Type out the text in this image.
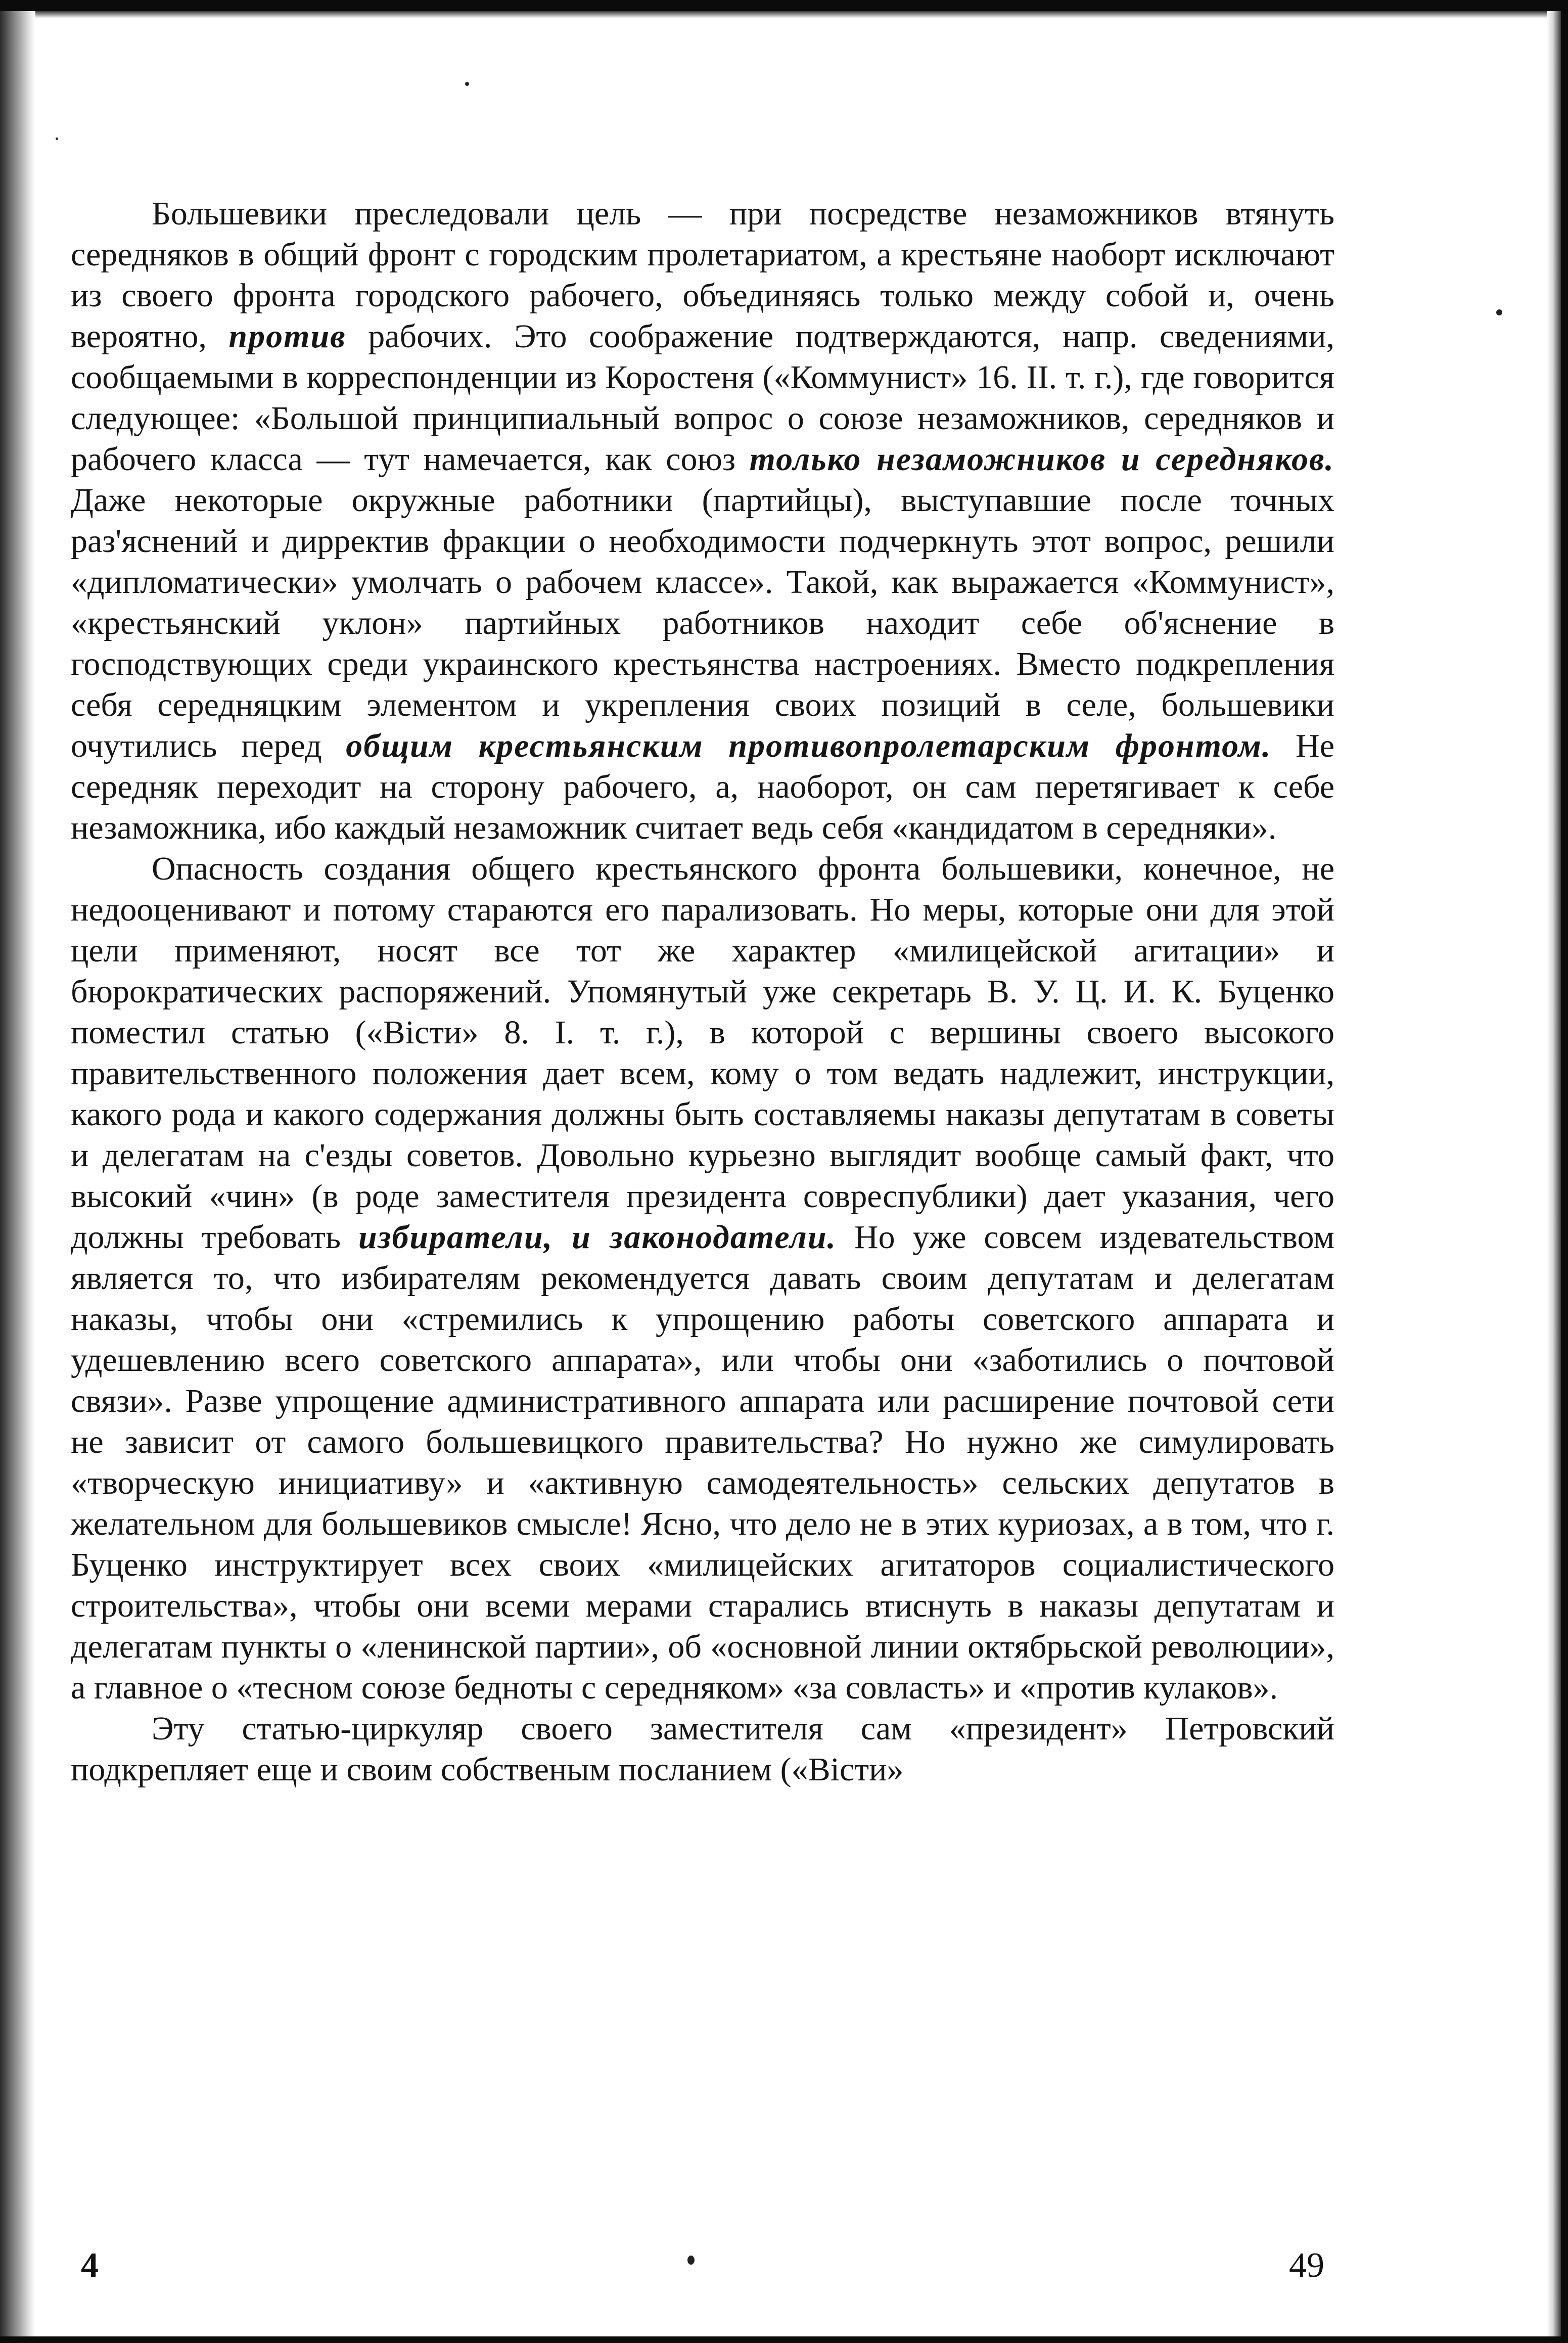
Большевики преследовали цель — при посредстве незаможников втянуть середняков в общий фронт с городским пролетариатом, а крестьяне наоборт исключают из своего фронта городского рабочего, объединяясь только между собой и, очень вероятно, против рабочих. Это соображение подтверждаются, напр. сведениями, сообщаемыми в корреспонденции из Коростеня («Коммунист» 16. II. т. г.), где говорится следующее: «Большой принципиальный вопрос о союзе незаможников, середняков и рабочего класса — тут намечается, как союз только незаможников и середняков. Даже некоторые окружные работники (партийцы), выступавшие после точных раз'яснений и дирректив фракции о необходимости подчеркнуть этот вопрос, решили «дипломатически» умолчать о рабочем классе». Такой, как выражается «Коммунист», «крестьянский уклон» партийных работников находит себе об'яснение в господствующих среди украинского крестьянства настроениях. Вместо подкрепления себя середняцким элементом и укрепления своих позиций в селе, большевики очутились перед общим крестьянским противопролетарским фронтом. Не середняк переходит на сторону рабочего, а, наоборот, он сам перетягивает к себе незаможника, ибо каждый незаможник считает ведь себя «кандидатом в середняки».

Опасность создания общего крестьянского фронта большевики, конечное, не недооценивают и потому стараются его парализовать. Но меры, которые они для этой цели применяют, носят все тот же характер «милицейской агитации» и бюрократических распоряжений. Упомянутый уже секретарь В. У. Ц. И. К. Буценко поместил статью («Вісти» 8. І. т. г.), в которой с вершины своего высокого правительственного положения дает всем, кому о том ведать надлежит, инструкции, какого рода и какого содержания должны быть составляемы наказы депутатам в советы и делегатам на с'езды советов. Довольно курьезно выглядит вообще самый факт, что высокий «чин» (в роде заместителя президента совреспублики) дает указания, чего должны требовать избиратели, и законодатели. Но уже совсем издевательством является то, что избирателям рекомендуется давать своим депутатам и делегатам наказы, чтобы они «стремились к упрощению работы советского аппарата и удешевлению всего советского аппарата», или чтобы они «заботились о почтовой связи». Разве упрощение административного аппарата или расширение почтовой сети не зависит от самого большевицкого правительства? Но нужно же симулировать «творческую инициативу» и «активную самодеятельность» сельских депутатов в желательном для большевиков смысле! Ясно, что дело не в этих куриозах, а в том, что г. Буценко инструктирует всех своих «милицейских агитаторов социалистического строительства», чтобы они всеми мерами старались втиснуть в наказы депутатам и делегатам пункты о «ленинской партии», об «основной линии октябрьской революции», а главное о «тесном союзе бедноты с середняком» «за совласть» и «против кулаков».

Эту статью-циркуляр своего заместителя сам «президент» Петровский подкрепляет еще и своим собственым посланием («Вісти»

4	49
